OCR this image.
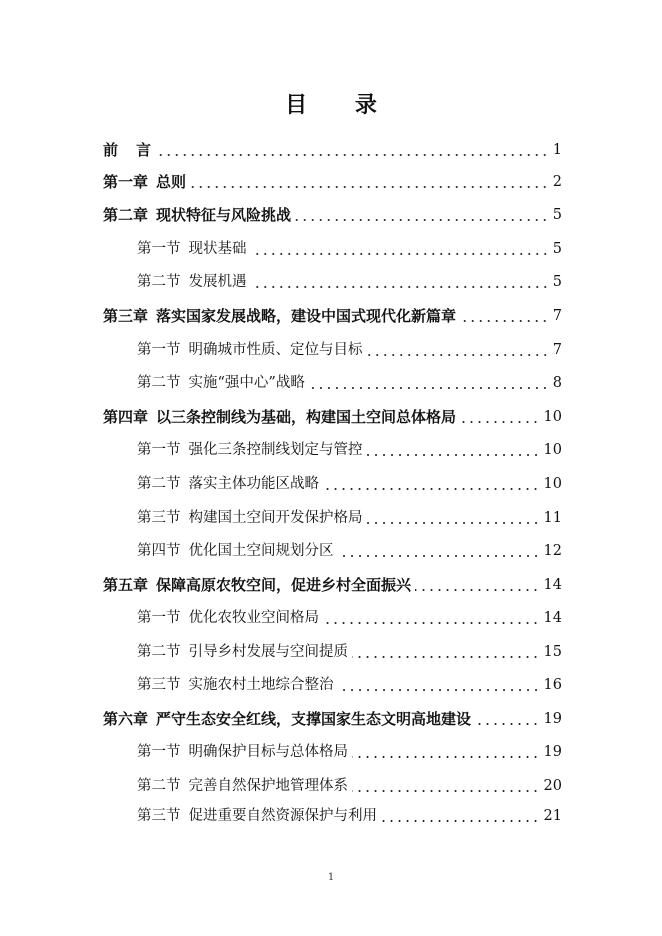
目 录
前 言	1
第一章 总则	2
第二章 现状特征与风险挑战	5
第一节 现状基础	5
第二节 发展机遇	5
第三章 落实国家发展战略，建设中国式现代化新篇章	7
第一节 明确城市性质、定位与目标	7
第二节 实施“强中心”战略	8
第四章 以三条控制线为基础，构建国土空间总体格局	10
第一节 强化三条控制线划定与管控	10
第二节 落实主体功能区战略	10
第三节 构建国土空间开发保护格局	11
第四节 优化国土空间规划分区	12
第五章 保障高原农牧空间，促进乡村全面振兴	14
第一节 优化农牧业空间格局	14
第二节 引导乡村发展与空间提质	15
第三节 实施农村土地综合整治	16
第六章 严守生态安全红线，支撑国家生态文明高地建设	19
第一节 明确保护目标与总体格局	19
第二节 完善自然保护地管理体系	20
第三节 促进重要自然资源保护与利用	21
1
